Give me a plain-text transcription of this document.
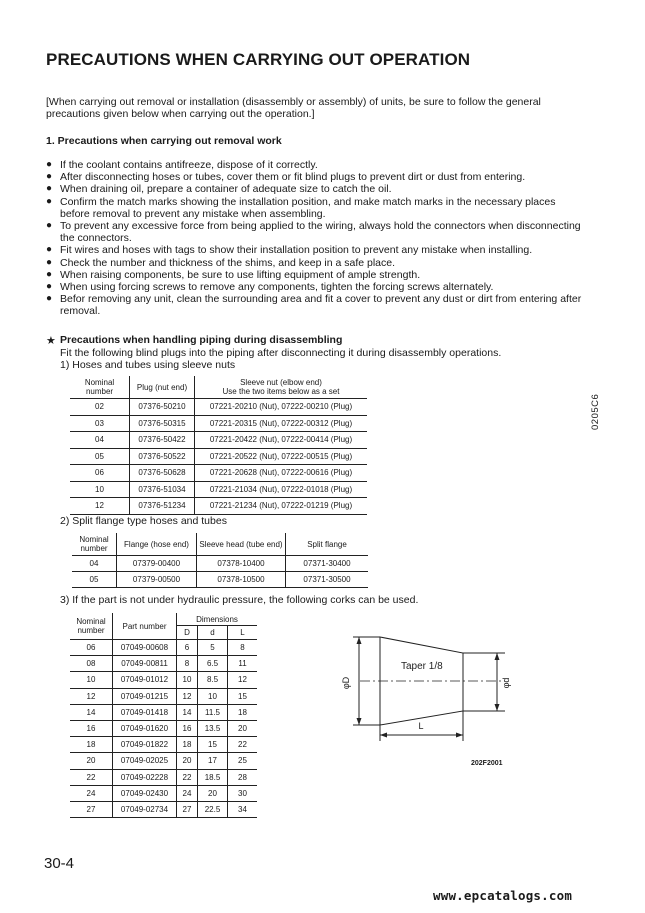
PRECAUTIONS WHEN CARRYING OUT OPERATION
[When carrying out removal or installation (disassembly or assembly) of units, be sure to follow the general precautions given below when carrying out the operation.]
1. Precautions when carrying out removal work
● If the coolant contains antifreeze, dispose of it correctly.
● After disconnecting hoses or tubes, cover them or fit blind plugs to prevent dirt or dust from entering.
● When draining oil, prepare a container of adequate size to catch the oil.
● Confirm the match marks showing the installation position, and make match marks in the necessary places before removal to prevent any mistake when assembling.
● To prevent any excessive force from being applied to the wiring, always hold the connectors when disconnecting the connectors.
● Fit wires and hoses with tags to show their installation position to prevent any mistake when installing.
● Check the number and thickness of the shims, and keep in a safe place.
● When raising components, be sure to use lifting equipment of ample strength.
● When using forcing screws to remove any components, tighten the forcing screws alternately.
● Befor removing any unit, clean the surrounding area and fit a cover to prevent any dust or dirt from entering after removal.
★ Precautions when handling piping during disassembling
Fit the following blind plugs into the piping after disconnecting it during disassembly operations.
1) Hoses and tubes using sleeve nuts
Nominal number	Plug (nut end)	Sleeve nut (elbow end)
Use the two items below as a set

02	07376-50210	07221-20210 (Nut), 07222-00210 (Plug)
03	07376-50315	07221-20315 (Nut), 07222-00312 (Plug)
04	07376-50422	07221-20422 (Nut), 07222-00414 (Plug)
05	07376-50522	07221-20522 (Nut), 07222-00515 (Plug)
06	07376-50628	07221-20628 (Nut), 07222-00616 (Plug)
10	07376-51034	07221-21034 (Nut), 07222-01018 (Plug)
12	07376-51234	07221-21234 (Nut), 07222-01219 (Plug)
2) Split flange type hoses and tubes
Nominal number	Flange (hose end)	Sleeve head (tube end)	Split flange
04	07379-00400	07378-10400	07371-30400
05	07379-00500	07378-10500	07371-30500
3) If the part is not under hydraulic pressure, the following corks can be used.
Nominal number	Part number	Dimensions		
		D	d	L
06	07049-00608	6	5	8
08	07049-00811	8	6.5	11
10	07049-01012	10	8.5	12
12	07049-01215	12	10	15
14	07049-01418	14	11.5	18
16	07049-01620	16	13.5	20
18	07049-01822	18	15	22
20	07049-02025	20	17	25
22	07049-02228	22	18.5	28
24	07049-02430	24	20	30
27	07049-02734	27	22.5	34
Taper 1/8
φD	φd
L
202F2001
0205C6
30-4
www.epcatalogs.com
